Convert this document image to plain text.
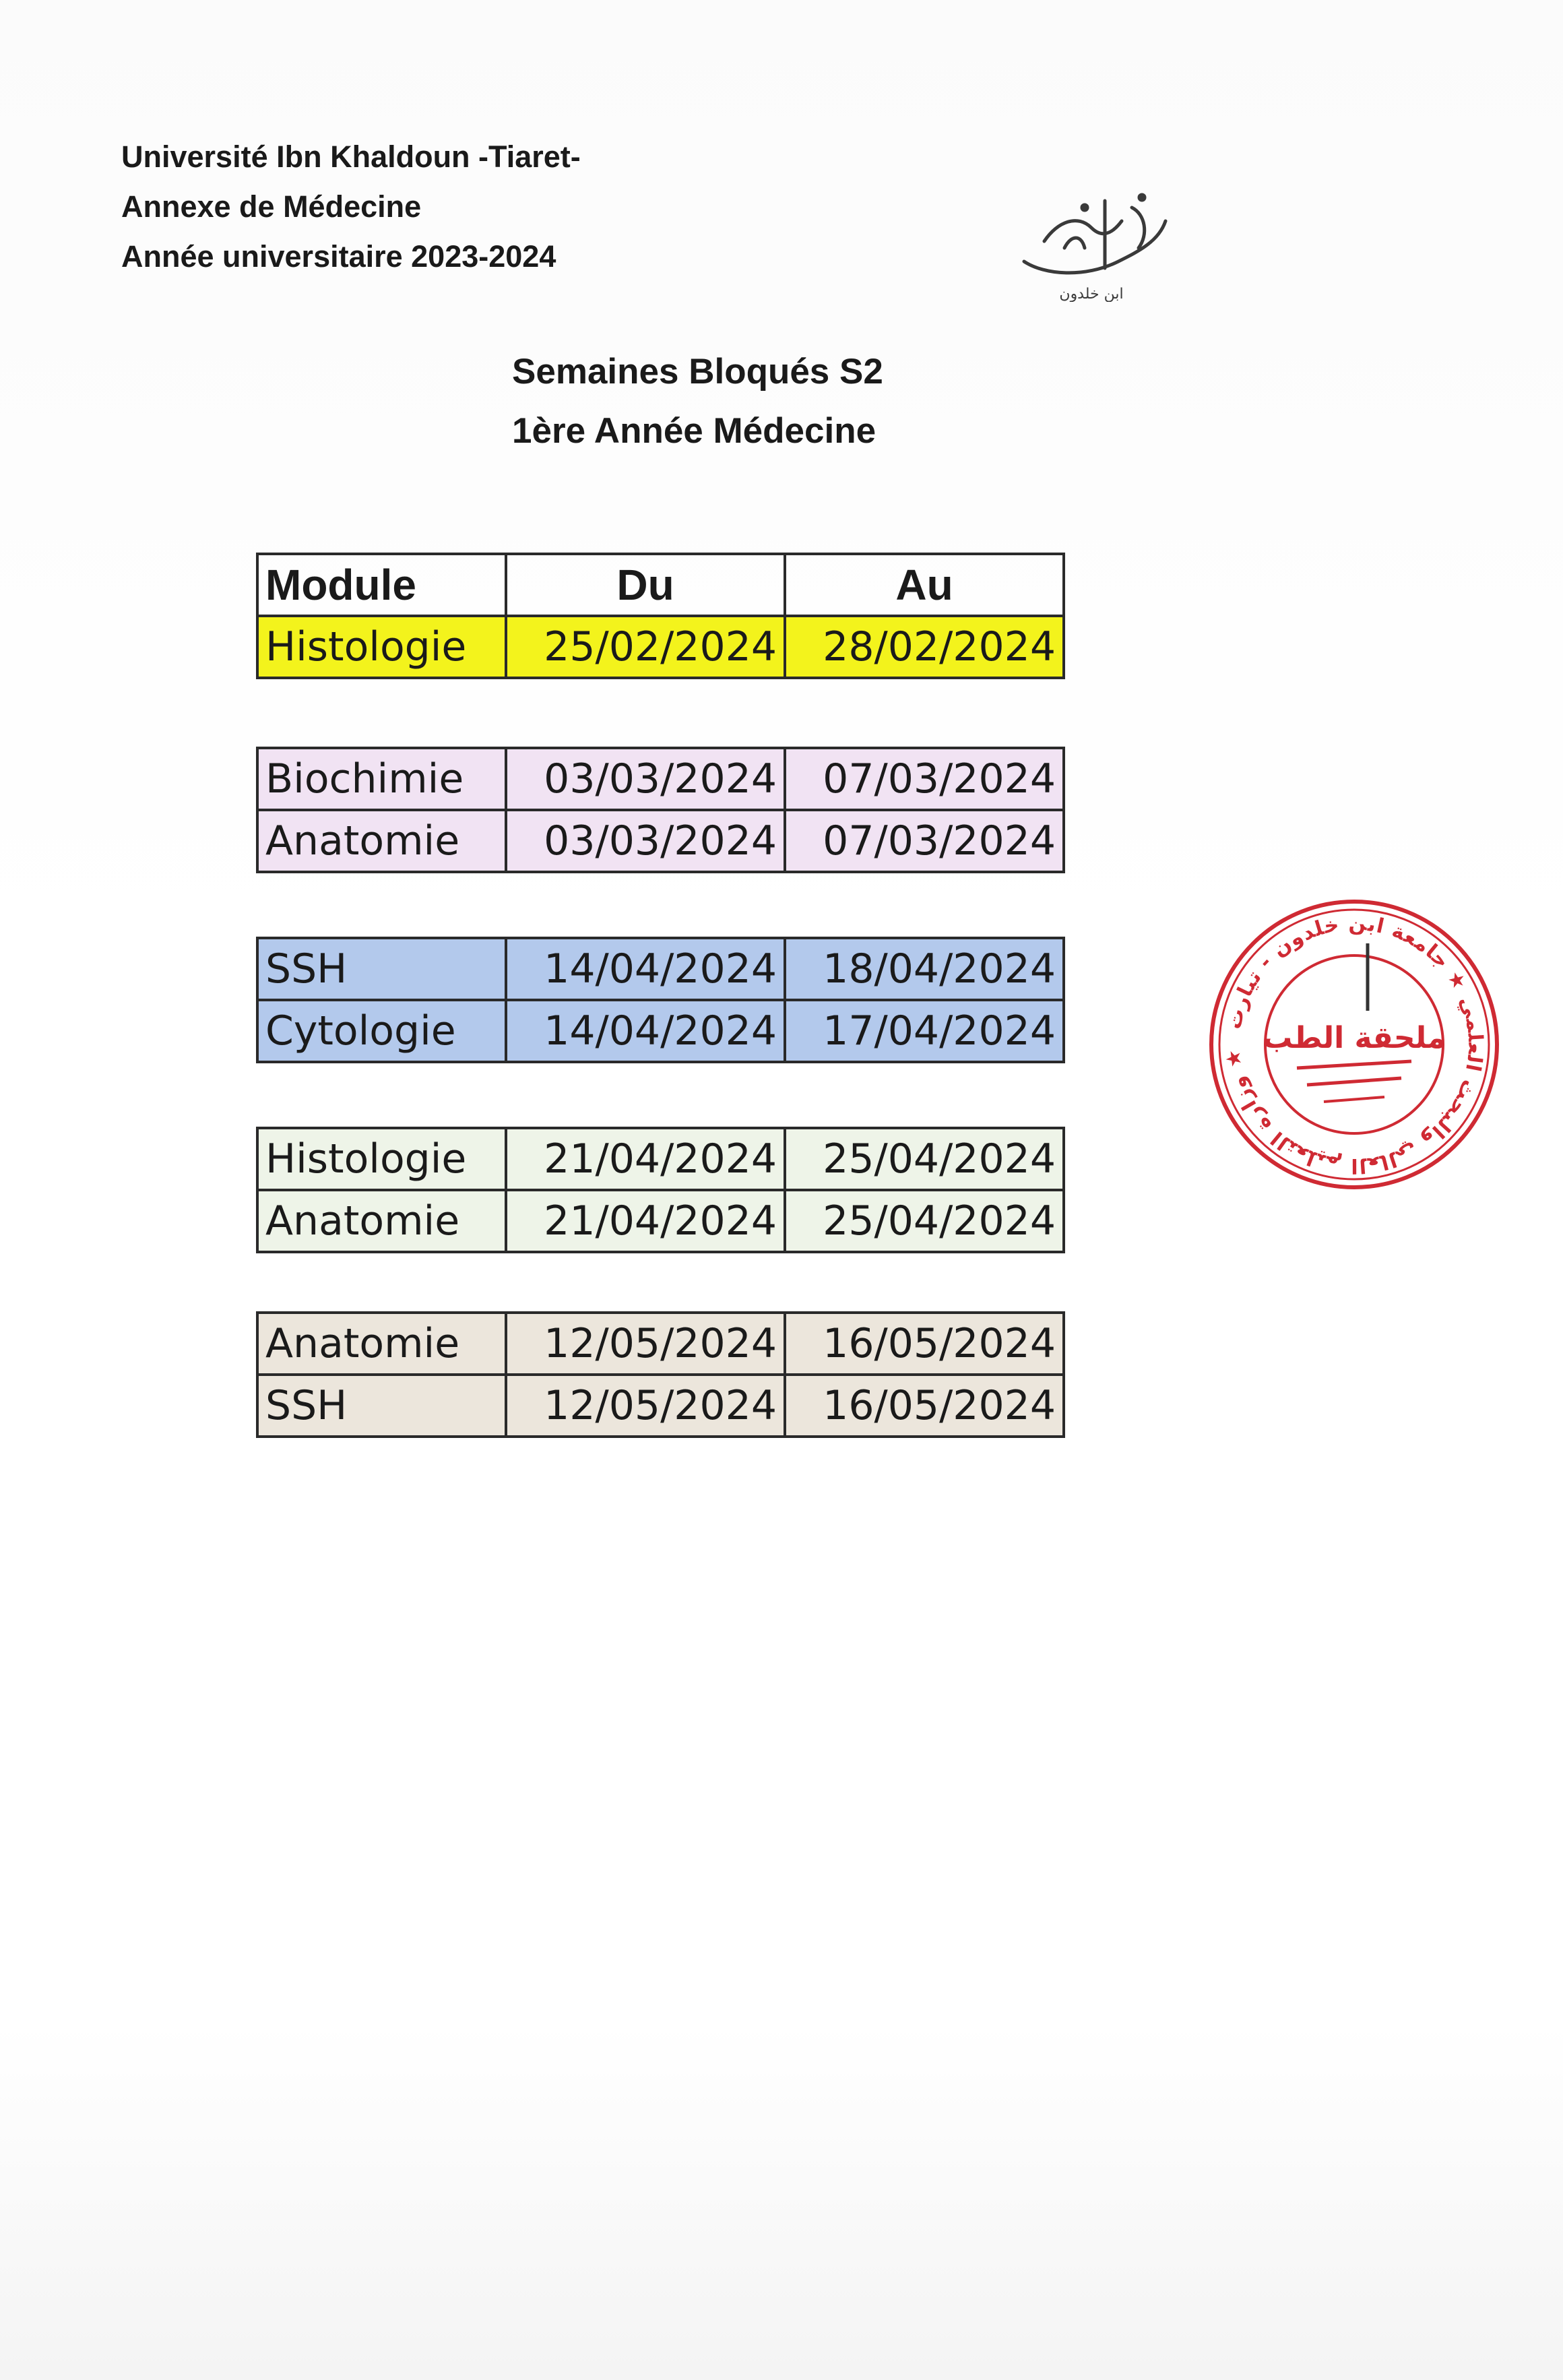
Université Ibn Khaldoun -Tiaret-
Annexe de Médecine
Année universitaire 2023-2024
ابن خلدون
Semaines Bloqués S2
1ère Année Médecine
Module	Du	Au
Histologie	25/02/2024	28/02/2024
Biochimie	03/03/2024	07/03/2024
Anatomie	03/03/2024	07/03/2024
SSH	14/04/2024	18/04/2024
Cytologie	14/04/2024	17/04/2024
Histologie	21/04/2024	25/04/2024
Anatomie	21/04/2024	25/04/2024
Anatomie	12/05/2024	16/05/2024
SSH	12/05/2024	16/05/2024
وزارة التعليم العالي والبحث العلمي ★ جامعة ابن خلدون - تيارت ★
ملحقة الطب
